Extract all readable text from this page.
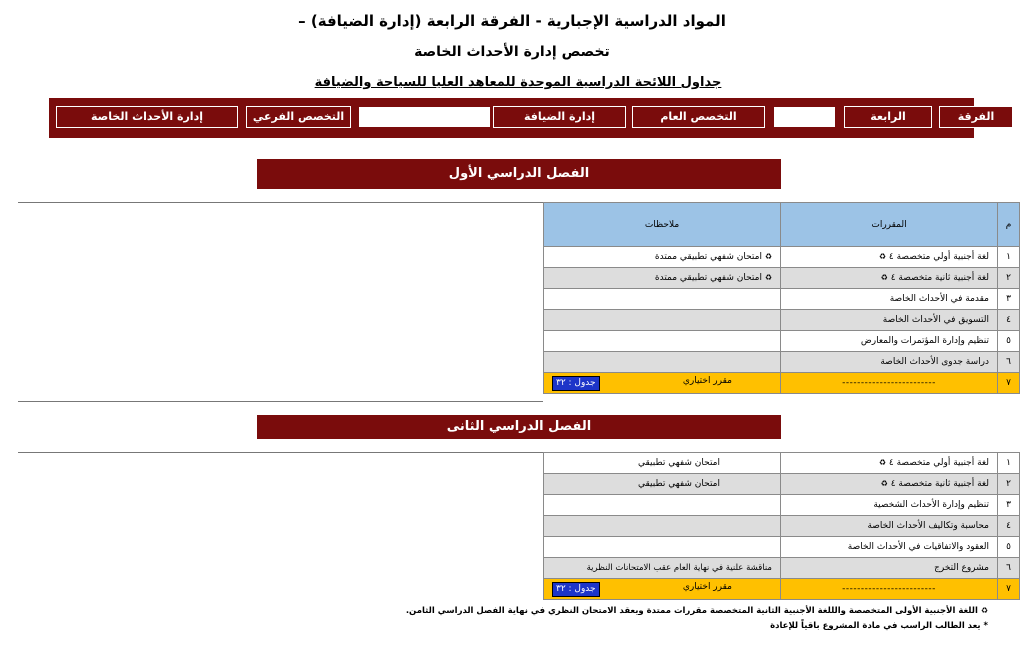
المواد الدراسية الإجبارية - الفرقة الرابعة (إدارة الضيافة) –
تخصص إدارة الأحداث الخاصة
جداول اللائحة الدراسية الموحدة للمعاهد العليا للسياحة والضيافة
الفرقة
الرابعة
التخصص العام
إدارة الضيافة
التخصص الفرعي
إدارة الأحداث الخاصة
الفصل الدراسي الأول
م	المقررات	ملاحظات
١	لغة أجنبية أولي متخصصة ٤ ♻	♻ امتحان شفهي تطبيقي ممتدة
٢	لغة أجنبية ثانية متخصصة ٤ ♻	♻ امتحان شفهي تطبيقي ممتدة
٣	مقدمة في الأحداث الخاصة	
٤	التسويق في الأحداث الخاصة	
٥	تنظيم وإدارة المؤتمرات والمعارض	
٦	دراسة جدوى الأحداث الخاصة	
٧	-------------------------	مقرر اختياري
جدول : ٣٢
الفصل الدراسي الثانى
١	لغة أجنبية أولي متخصصة ٤ ♻	امتحان شفهي تطبيقي
٢	لغة أجنبية ثانية متخصصة ٤ ♻	امتحان شفهي تطبيقي
٣	تنظيم وإدارة الأحداث الشخصية	
٤	محاسبة وتكاليف الأحداث الخاصة	
٥	العقود والاتفاقيات في الأحداث الخاصة	
٦	مشروع التخرج	مناقشة علنية في نهاية العام عقب الامتحانات النظرية
٧	-------------------------	مقرر اختياري
جدول : ٣٢
♻ اللغة الأجنبية الأولى المتخصصة والللغة الأجنبية الثانية المتخصصة مقررات ممتدة ويعقد الامتحان النظري في نهاية الفصل الدراسي الثامن.
* يعد الطالب الراسب في مادة المشروع باقياً للإعادة
